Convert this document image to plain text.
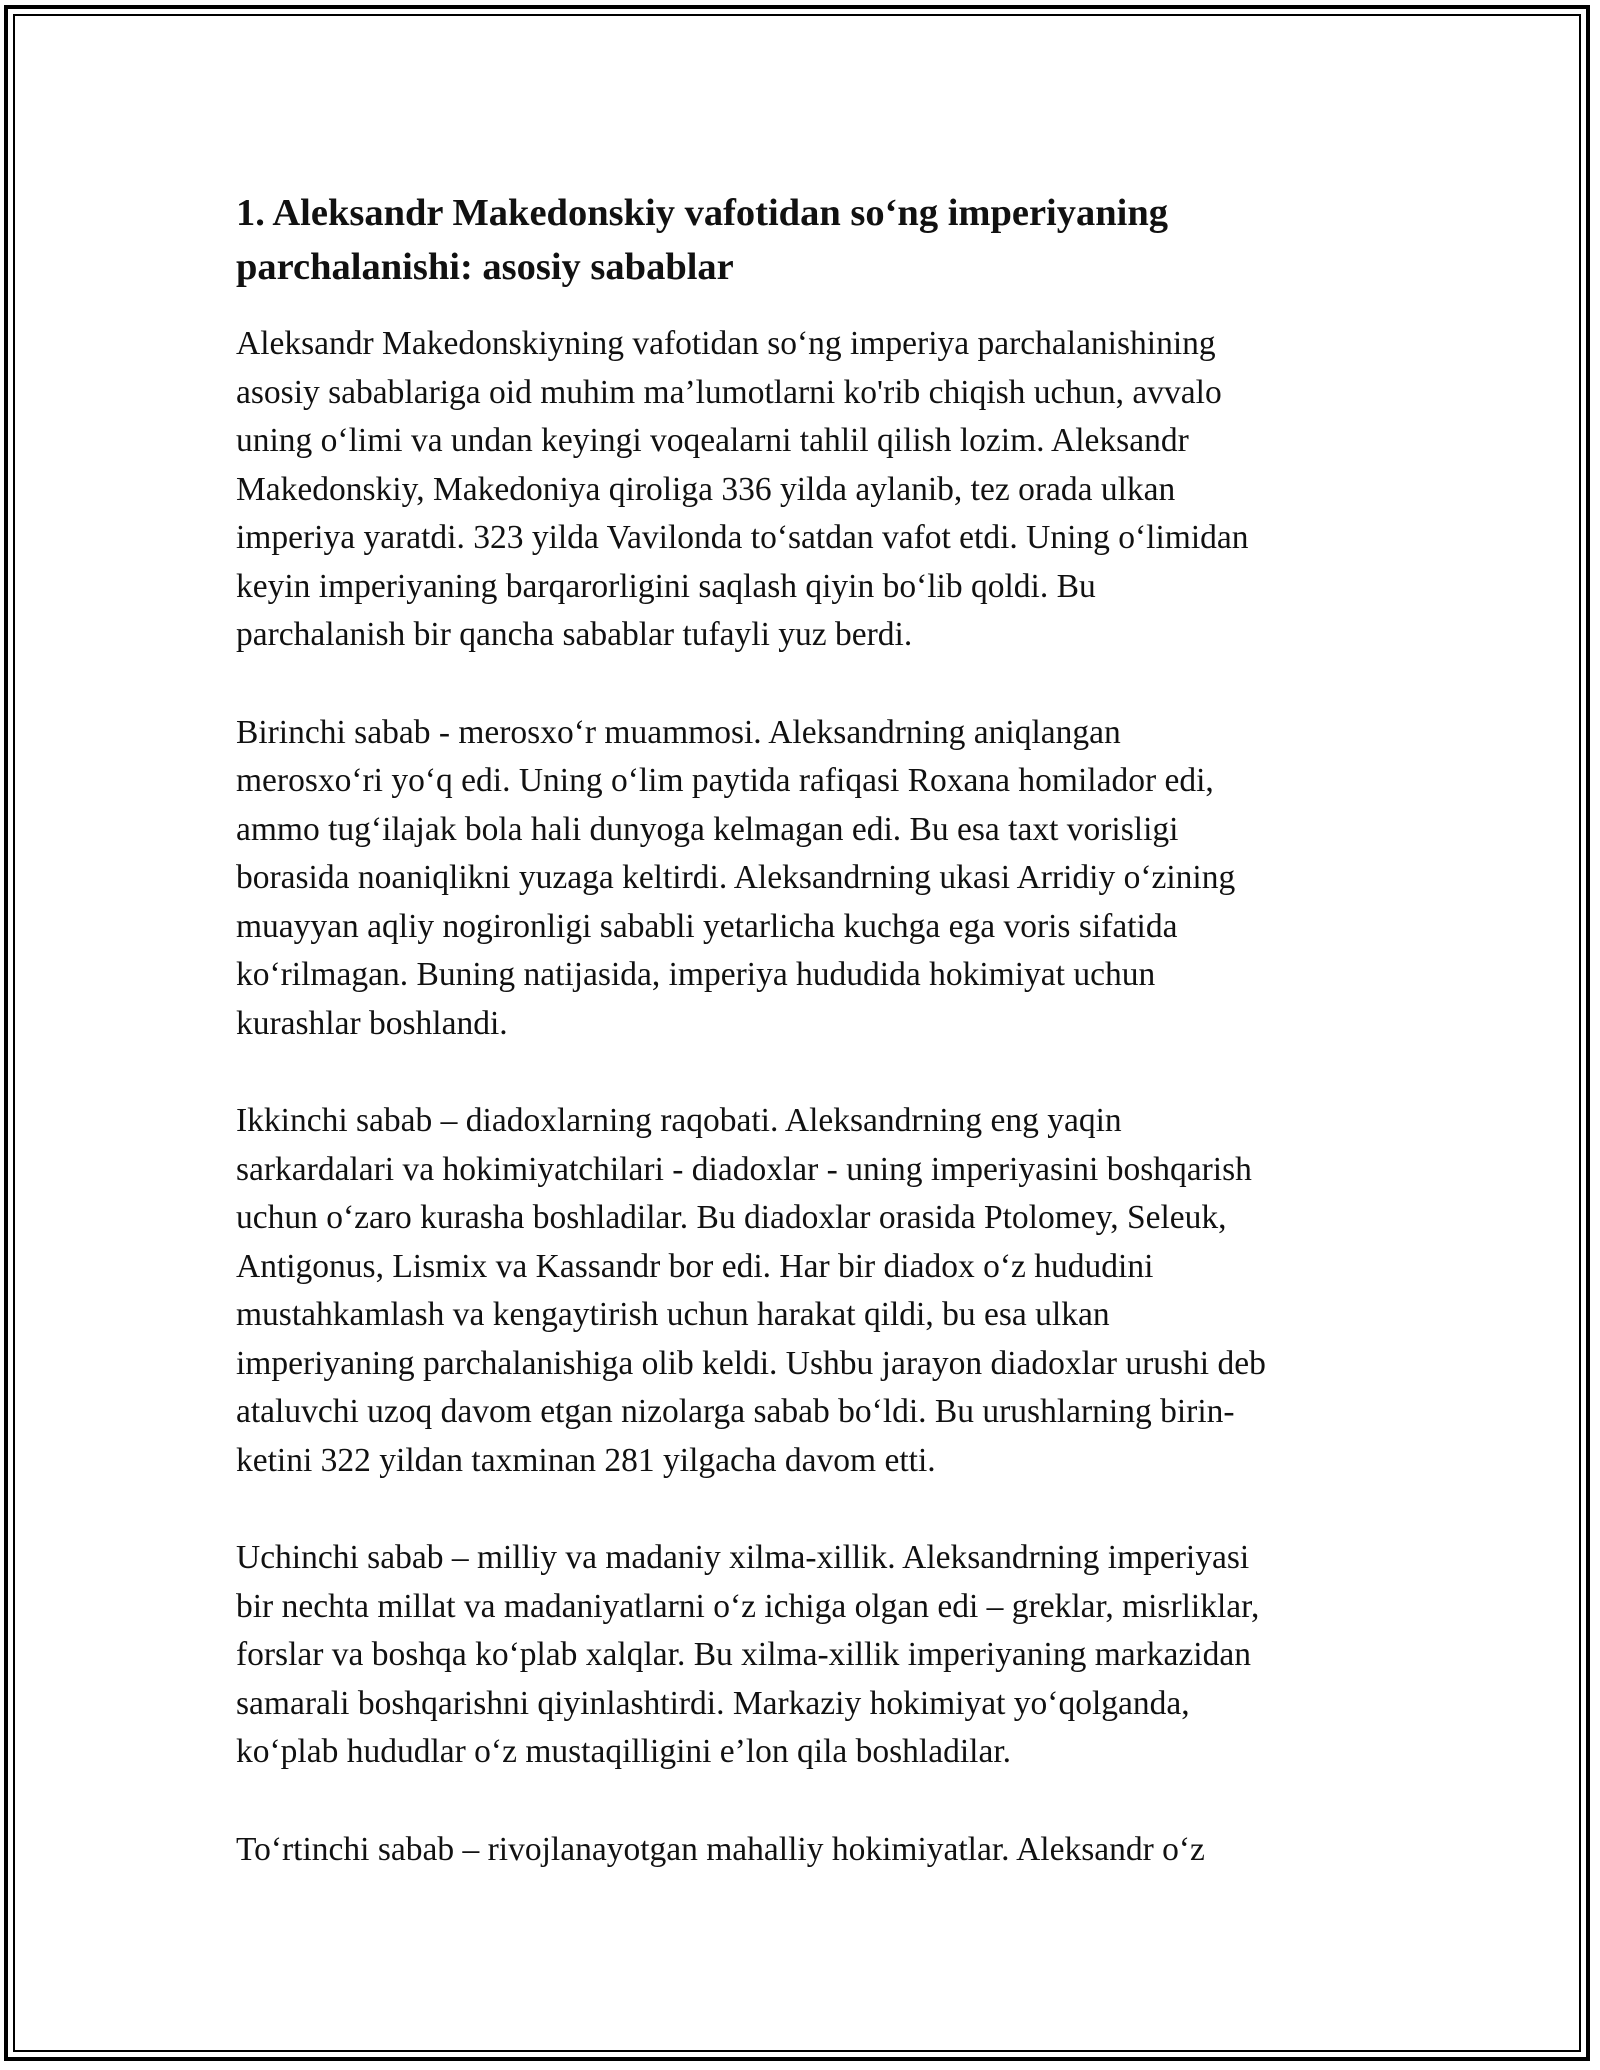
1. Aleksandr Makedonskiy vafotidan so‘ng imperiyaning
parchalanishi: asosiy sabablar

Aleksandr Makedonskiyning vafotidan so‘ng imperiya parchalanishining
asosiy sabablariga oid muhim ma’lumotlarni ko'rib chiqish uchun, avvalo
uning o‘limi va undan keyingi voqealarni tahlil qilish lozim. Aleksandr
Makedonskiy, Makedoniya qiroliga 336 yilda aylanib, tez orada ulkan
imperiya yaratdi. 323 yilda Vavilonda to‘satdan vafot etdi. Uning o‘limidan
keyin imperiyaning barqarorligini saqlash qiyin bo‘lib qoldi. Bu
parchalanish bir qancha sabablar tufayli yuz berdi.

Birinchi sabab - merosxo‘r muammosi. Aleksandrning aniqlangan
merosxo‘ri yo‘q edi. Uning o‘lim paytida rafiqasi Roxana homilador edi,
ammo tug‘ilajak bola hali dunyoga kelmagan edi. Bu esa taxt vorisligi
borasida noaniqlikni yuzaga keltirdi. Aleksandrning ukasi Arridiy o‘zining
muayyan aqliy nogironligi sababli yetarlicha kuchga ega voris sifatida
ko‘rilmagan. Buning natijasida, imperiya hududida hokimiyat uchun
kurashlar boshlandi.

Ikkinchi sabab – diadoxlarning raqobati. Aleksandrning eng yaqin
sarkardalari va hokimiyatchilari - diadoxlar - uning imperiyasini boshqarish
uchun o‘zaro kurasha boshladilar. Bu diadoxlar orasida Ptolomey, Seleuk,
Antigonus, Lismix va Kassandr bor edi. Har bir diadox o‘z hududini
mustahkamlash va kengaytirish uchun harakat qildi, bu esa ulkan
imperiyaning parchalanishiga olib keldi. Ushbu jarayon diadoxlar urushi deb
ataluvchi uzoq davom etgan nizolarga sabab bo‘ldi. Bu urushlarning birin-
ketini 322 yildan taxminan 281 yilgacha davom etti.

Uchinchi sabab – milliy va madaniy xilma-xillik. Aleksandrning imperiyasi
bir nechta millat va madaniyatlarni o‘z ichiga olgan edi – greklar, misrliklar,
forslar va boshqa ko‘plab xalqlar. Bu xilma-xillik imperiyaning markazidan
samarali boshqarishni qiyinlashtirdi. Markaziy hokimiyat yo‘qolganda,
ko‘plab hududlar o‘z mustaqilligini e’lon qila boshladilar.

To‘rtinchi sabab – rivojlanayotgan mahalliy hokimiyatlar. Aleksandr o‘z
